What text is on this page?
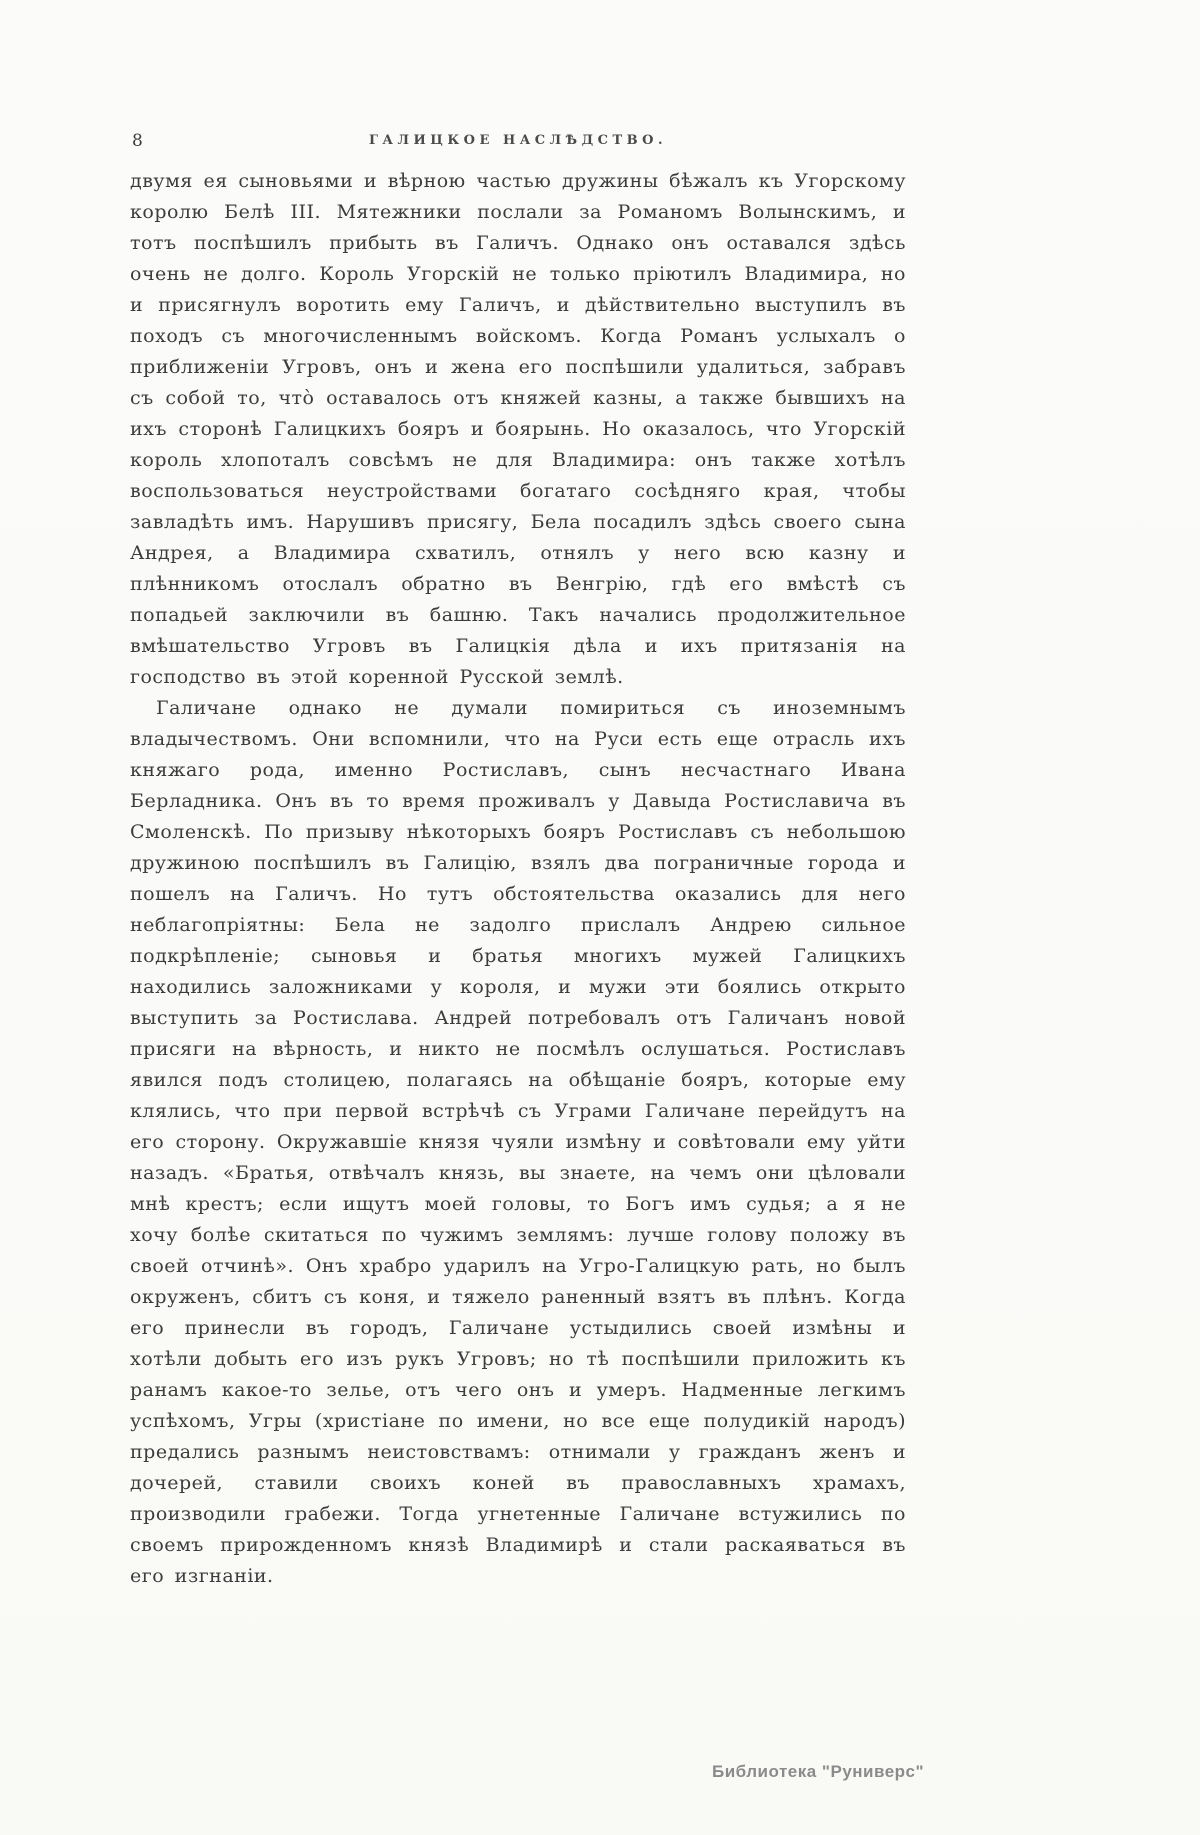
8	ГАЛИЦКОЕ НАСЛѢДСТВО.

двумя ея сыновьями и вѣрною частью дружины бѣжалъ къ Угорскому королю Белѣ III. Мятежники послали за Романомъ Волынскимъ, и тотъ поспѣшилъ прибыть въ Галичъ. Однако онъ оставался здѣсь очень не долго. Король Угорскій не только пріютилъ Владимира, но и присягнулъ воротить ему Галичъ, и дѣйствительно выступилъ въ походъ съ многочисленнымъ войскомъ. Когда Романъ услыхалъ о приближеніи Угровъ, онъ и жена его поспѣшили удалиться, забравъ съ собой то, что̀ оставалось отъ княжей казны, а также бывшихъ на ихъ сторонѣ Галицкихъ бояръ и боярынь. Но оказалось, что Угорскій король хлопоталъ совсѣмъ не для Владимира: онъ также хотѣлъ воспользоваться неустройствами богатаго сосѣдняго края, чтобы завладѣть имъ. Нарушивъ присягу, Бела посадилъ здѣсь своего сына Андрея, а Владимира схватилъ, отнялъ у него всю казну и плѣнникомъ отослалъ обратно въ Венгрію, гдѣ его вмѣстѣ съ попадьей заключили въ башню. Такъ начались продолжительное вмѣшательство Угровъ въ Галицкія дѣла и ихъ притязанія на господство въ этой коренной Русской землѣ.

Галичане однако не думали помириться съ иноземнымъ владычествомъ. Они вспомнили, что на Руси есть еще отрасль ихъ княжаго рода, именно Ростиславъ, сынъ несчастнаго Ивана Берладника. Онъ въ то время проживалъ у Давыда Ростиславича въ Смоленскѣ. По призыву нѣкоторыхъ бояръ Ростиславъ съ небольшою дружиною поспѣшилъ въ Галицію, взялъ два пограничные города и пошелъ на Галичъ. Но тутъ обстоятельства оказались для него неблагопріятны: Бела не задолго прислалъ Андрею сильное подкрѣпленіе; сыновья и братья многихъ мужей Галицкихъ находились заложниками у короля, и мужи эти боялись открыто выступить за Ростислава. Андрей потребовалъ отъ Галичанъ новой присяги на вѣрность, и никто не посмѣлъ ослушаться. Ростиславъ явился подъ столицею, полагаясь на обѣщаніе бояръ, которые ему клялись, что при первой встрѣчѣ съ Уграми Галичане перейдутъ на его сторону. Окружавшіе князя чуяли измѣну и совѣтовали ему уйти назадъ. «Братья, отвѣчалъ князь, вы знаете, на чемъ они цѣловали мнѣ крестъ; если ищутъ моей головы, то Богъ имъ судья; а я не хочу болѣе скитаться по чужимъ землямъ: лучше голову положу въ своей отчинѣ». Онъ храбро ударилъ на Угро-Галицкую рать, но былъ окруженъ, сбитъ съ коня, и тяжело раненный взятъ въ плѣнъ. Когда его принесли въ городъ, Галичане устыдились своей измѣны и хотѣли добыть его изъ рукъ Угровъ; но тѣ поспѣшили приложить къ ранамъ какое-то зелье, отъ чего онъ и умеръ. Надменные легкимъ успѣхомъ, Угры (христіане по имени, но все еще полудикій народъ) предались разнымъ неистовствамъ: отнимали у гражданъ женъ и дочерей, ставили своихъ коней въ православныхъ храмахъ, производили грабежи. Тогда угнетенные Галичане встужились по своемъ прирожденномъ князѣ Владимирѣ и стали раскаяваться въ его изгнаніи.

Библиотека "Руниверс"
